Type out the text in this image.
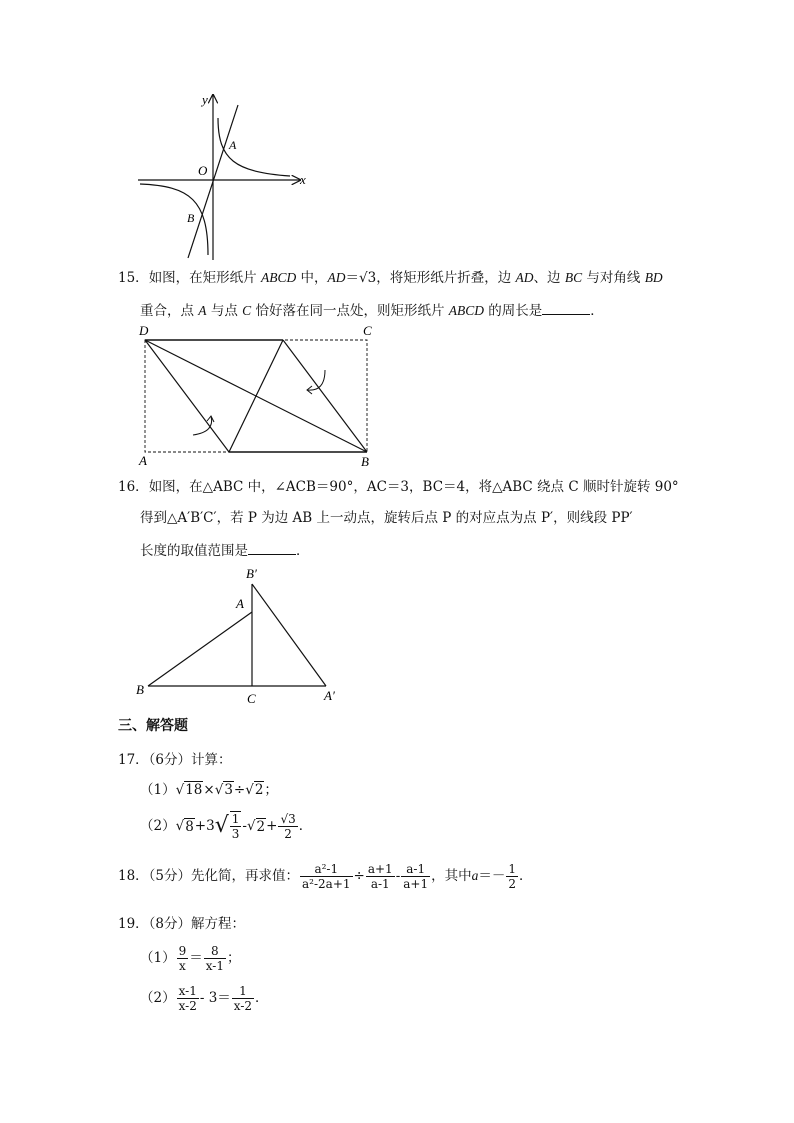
y
x
O
A
B
15．如图，在矩形纸片 ABCD 中，AD＝√3，将矩形纸片折叠，边 AD、边 BC 与对角线 BD
重合，点 A 与点 C 恰好落在同一点处，则矩形纸片 ABCD 的周长是	．
D	C
A	B
16．如图，在△ABC 中，∠ACB＝90°，AC＝3，BC＝4，将△ABC 绕点 C 顺时针旋转 90°
得到△A′B′C′，若 P 为边 AB 上一动点，旋转后点 P 的对应点为点 P′，则线段 PP′
长度的取值范围是	．
B′
A
B
C	A′
三、解答题
17．（6分）计算：
（1）√18×√3÷√2；
（2） √ 8 +3 √ $\frac{1}{3}$ - √ $2 + \frac{√3}{2}$ ．
18．（5分）先化简，再求值： $\frac{\text{a²-1}}{\text{a²-2a+1}} \div \frac{a+1}{a-1} - \frac{a-1}{a+1}$ ，其中 $a =- \frac{1}{2}$ ．
19．（8分）解方程：
$(1) \frac{9}{x} = \frac{8}{x-1}$ ；
$(2) \frac{x-1}{x-2} - 3= \frac{1}{x-2}$ ．
